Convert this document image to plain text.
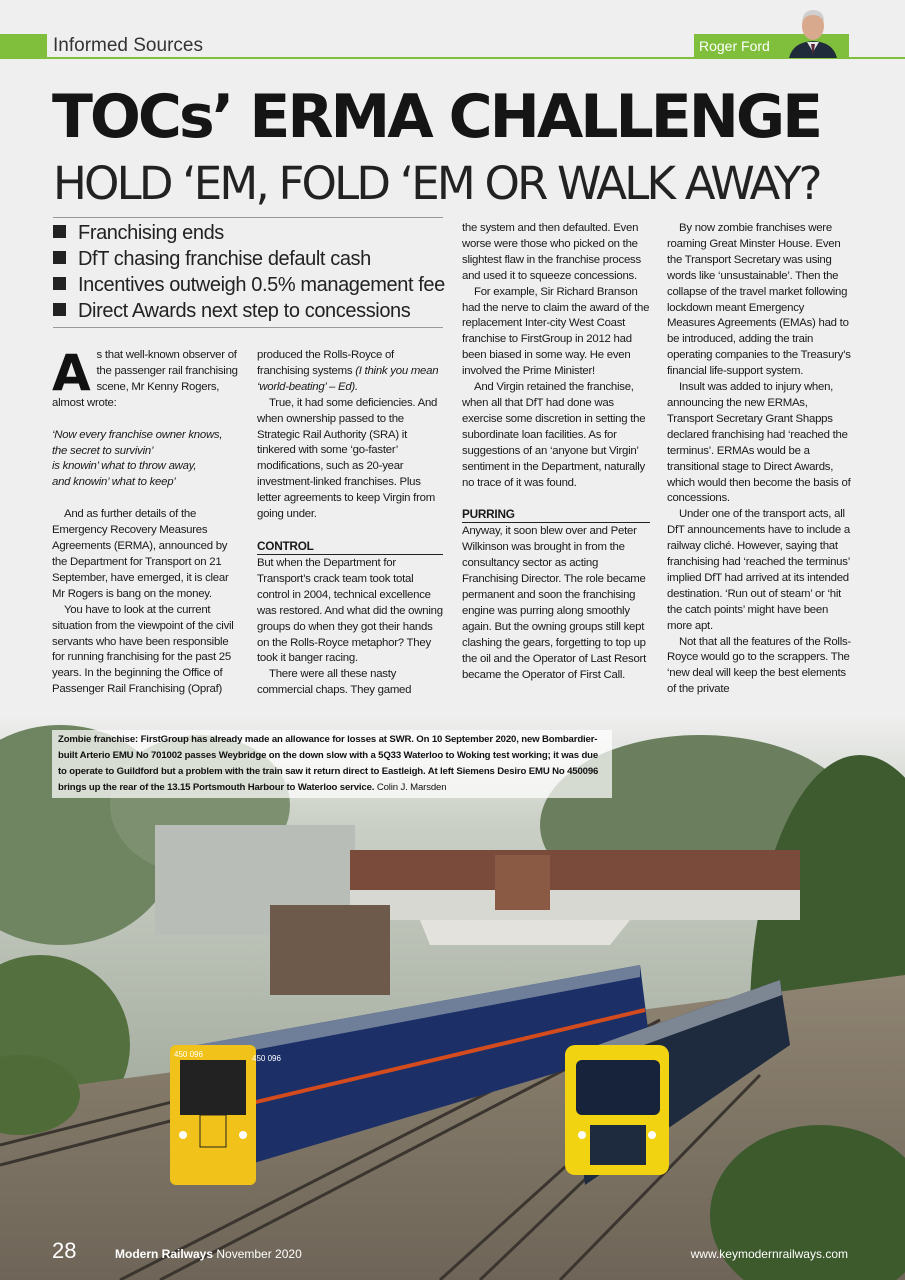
Informed Sources	Roger Ford
TOCs’ ERMA CHALLENGE
HOLD ‘EM, FOLD ‘EM OR WALK AWAY?
Franchising ends
DfT chasing franchise default cash
Incentives outweigh 0.5% management fee
Direct Awards next step to concessions

As that well-known observer of the passenger rail franchising scene, Mr Kenny Rogers, almost wrote:

‘Now every franchise owner knows,

the secret to survivin’

is knowin’ what to throw away,

and knowin’ what to keep’

And as further details of the Emergency Recovery Measures Agreements (ERMA), announced by the Department for Transport on 21 September, have emerged, it is clear Mr Rogers is bang on the money.

You have to look at the current situation from the viewpoint of the civil servants who have been responsible for running franchising for the past 25 years. In the beginning the Office of Passenger Rail Franchising (Opraf)

produced the Rolls-Royce of franchising systems (I think you mean ‘world-beating’ – Ed).

True, it had some deficiencies. And when ownership passed to the Strategic Rail Authority (SRA) it tinkered with some ‘go-faster’ modifications, such as 20-year investment-linked franchises. Plus letter agreements to keep Virgin from going under.

CONTROL

But when the Department for Transport’s crack team took total control in 2004, technical excellence was restored. And what did the owning groups do when they got their hands on the Rolls-Royce metaphor? They took it banger racing.

There were all these nasty commercial chaps. They gamed

the system and then defaulted. Even worse were those who picked on the slightest flaw in the franchise process and used it to squeeze concessions.

For example, Sir Richard Branson had the nerve to claim the award of the replacement Inter-city West Coast franchise to FirstGroup in 2012 had been biased in some way. He even involved the Prime Minister!

And Virgin retained the franchise, when all that DfT had done was exercise some discretion in setting the subordinate loan facilities. As for suggestions of an ‘anyone but Virgin’ sentiment in the Department, naturally no trace of it was found.

PURRING

Anyway, it soon blew over and Peter Wilkinson was brought in from the consultancy sector as acting Franchising Director. The role became permanent and soon the franchising engine was purring along smoothly again. But the owning groups still kept clashing the gears, forgetting to top up the oil and the Operator of Last Resort became the Operator of First Call.

By now zombie franchises were roaming Great Minster House. Even the Transport Secretary was using words like ‘unsustainable’. Then the collapse of the travel market following lockdown meant Emergency Measures Agreements (EMAs) had to be introduced, adding the train operating companies to the Treasury’s financial life-support system.

Insult was added to injury when, announcing the new ERMAs, Transport Secretary Grant Shapps declared franchising had ‘reached the terminus’. ERMAs would be a transitional stage to Direct Awards, which would then become the basis of concessions.

Under one of the transport acts, all DfT announcements have to include a railway cliché. However, saying that franchising had ‘reached the terminus’ implied DfT had arrived at its intended destination. ‘Run out of steam’ or ‘hit the catch points’ might have been more apt.

Not that all the features of the Rolls-Royce would go to the scrappers. The ‘new deal will keep the best elements of the private

450 096	450 096
Zombie franchise: FirstGroup has already made an allowance for losses at SWR. On 10 September 2020, new Bombardier-built Arterio EMU No 701002 passes Weybridge on the down slow with a 5Q33 Waterloo to Woking test working; it was due to operate to Guildford but a problem with the train saw it return direct to Eastleigh. At left Siemens Desiro EMU No 450096 brings up the rear of the 13.15 Portsmouth Harbour to Waterloo service. Colin J. Marsden
28	Modern Railways November 2020	www.keymodernrailways.com
